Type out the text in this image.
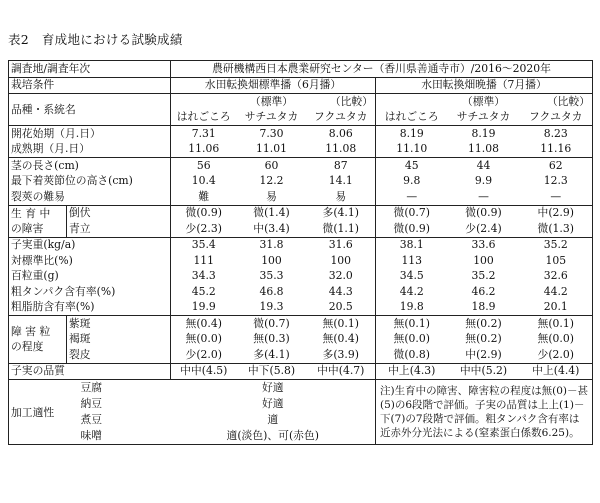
表2　育成地における試験成績
調査地/調査年次		農研機構西日本農業研究センター（香川県善通寺市）/2016～2020年					
栽培条件		水田転換畑標準播（6月播）			水田転換畑晩播（7月播）		
品種・系統名			（標準）	（比較）		（標準）	（比較）
		はれごころ	サチユタカ	フクユタカ	はれごころ	サチユタカ	フクユタカ
開花始期（月.日）		7.31	7.30	8.06	8.19	8.19	8.23
成熟期（月.日）		11.06	11.01	11.08	11.10	11.08	11.16
茎の長さ(cm)		56	60	87	45	44	62
最下着莢節位の高さ(cm)		10.4	12.2	14.1	9.8	9.9	12.3
裂莢の難易		難	易	易	—	—	—
生 育 中
の障害	倒伏	微(0.9)	微(1.4)	多(4.1)	微(0.7)	微(0.9)	中(2.9)
	青立	少(2.3)	中(3.4)	微(1.1)	微(0.9)	少(2.4)	微(1.3)
子実重(kg/a)		35.4	31.8	31.6	38.1	33.6	35.2
対標準比(%)		111	100	100	113	100	105
百粒重(g)		34.3	35.3	32.0	34.5	35.2	32.6
粗タンパク含有率(%)		45.2	46.8	44.3	44.2	46.2	44.2
粗脂肪含有率(%)		19.9	19.3	20.5	19.8	18.9	20.1
障 害 粒
の程度	紫斑	無(0.4)	微(0.7)	無(0.1)	無(0.1)	無(0.2)	無(0.1)
	褐斑	無(0.0)	無(0.3)	無(0.4)	無(0.0)	無(0.2)	無(0.0)
	裂皮	少(2.0)	多(4.1)	多(3.9)	微(0.8)	中(2.9)	少(2.0)
子実の品質		中中(4.5)	中下(5.8)	中中(4.7)	中上(4.3)	中中(5.2)	中上(4.4)
加工適性	豆腐	好適			注)生育中の障害、障害粒の程度は無(0)－甚(5)の6段階で評価。子実の品質は上上(1)－下(7)の7段階で評価。粗タンパク含有率は近赤外分光法による(窒素蛋白係数6.25)。		
	納豆	好適					
	煮豆	適					
	味噌	適(淡色)、可(赤色)					
